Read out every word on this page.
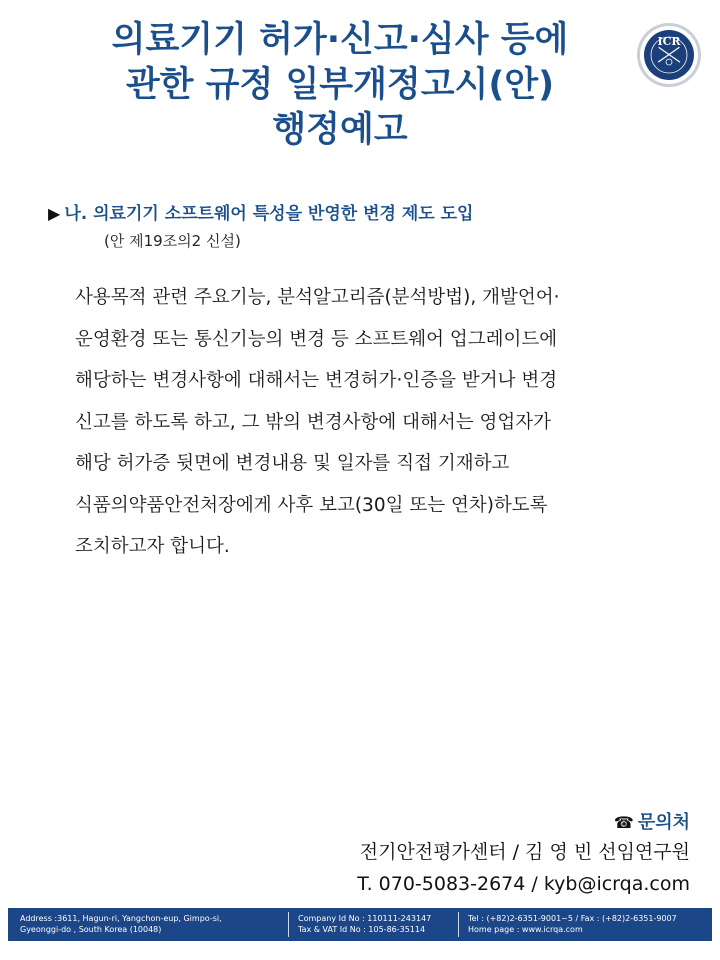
의료기기 허가·신고·심사 등에
관한 규정 일부개정고시(안)
행정예고
ICR
▶ 나. 의료기기 소프트웨어 특성을 반영한 변경 제도 도입
(안 제19조의2 신설)
사용목적 관련 주요기능, 분석알고리즘(분석방법), 개발언어·
운영환경 또는 통신기능의 변경 등 소프트웨어 업그레이드에
해당하는 변경사항에 대해서는 변경허가·인증을 받거나 변경
신고를 하도록 하고, 그 밖의 변경사항에 대해서는 영업자가
해당 허가증 뒷면에 변경내용 및 일자를 직접 기재하고
식품의약품안전처장에게 사후 보고(30일 또는 연차)하도록
조치하고자 합니다.
☎ 문의처
전기안전평가센터 / 김 영 빈 선임연구원
T. 070-5083-2674 / kyb@icrqa.com
Address :3611, Hagun-ri, Yangchon-eup, Gimpo-si,
Gyeonggi-do , South Korea (10048)
Company Id No : 110111-243147
Tax & VAT Id No : 105-86-35114
Tel : (+82)2-6351-9001~5 / Fax : (+82)2-6351-9007
Home page : www.icrqa.com
